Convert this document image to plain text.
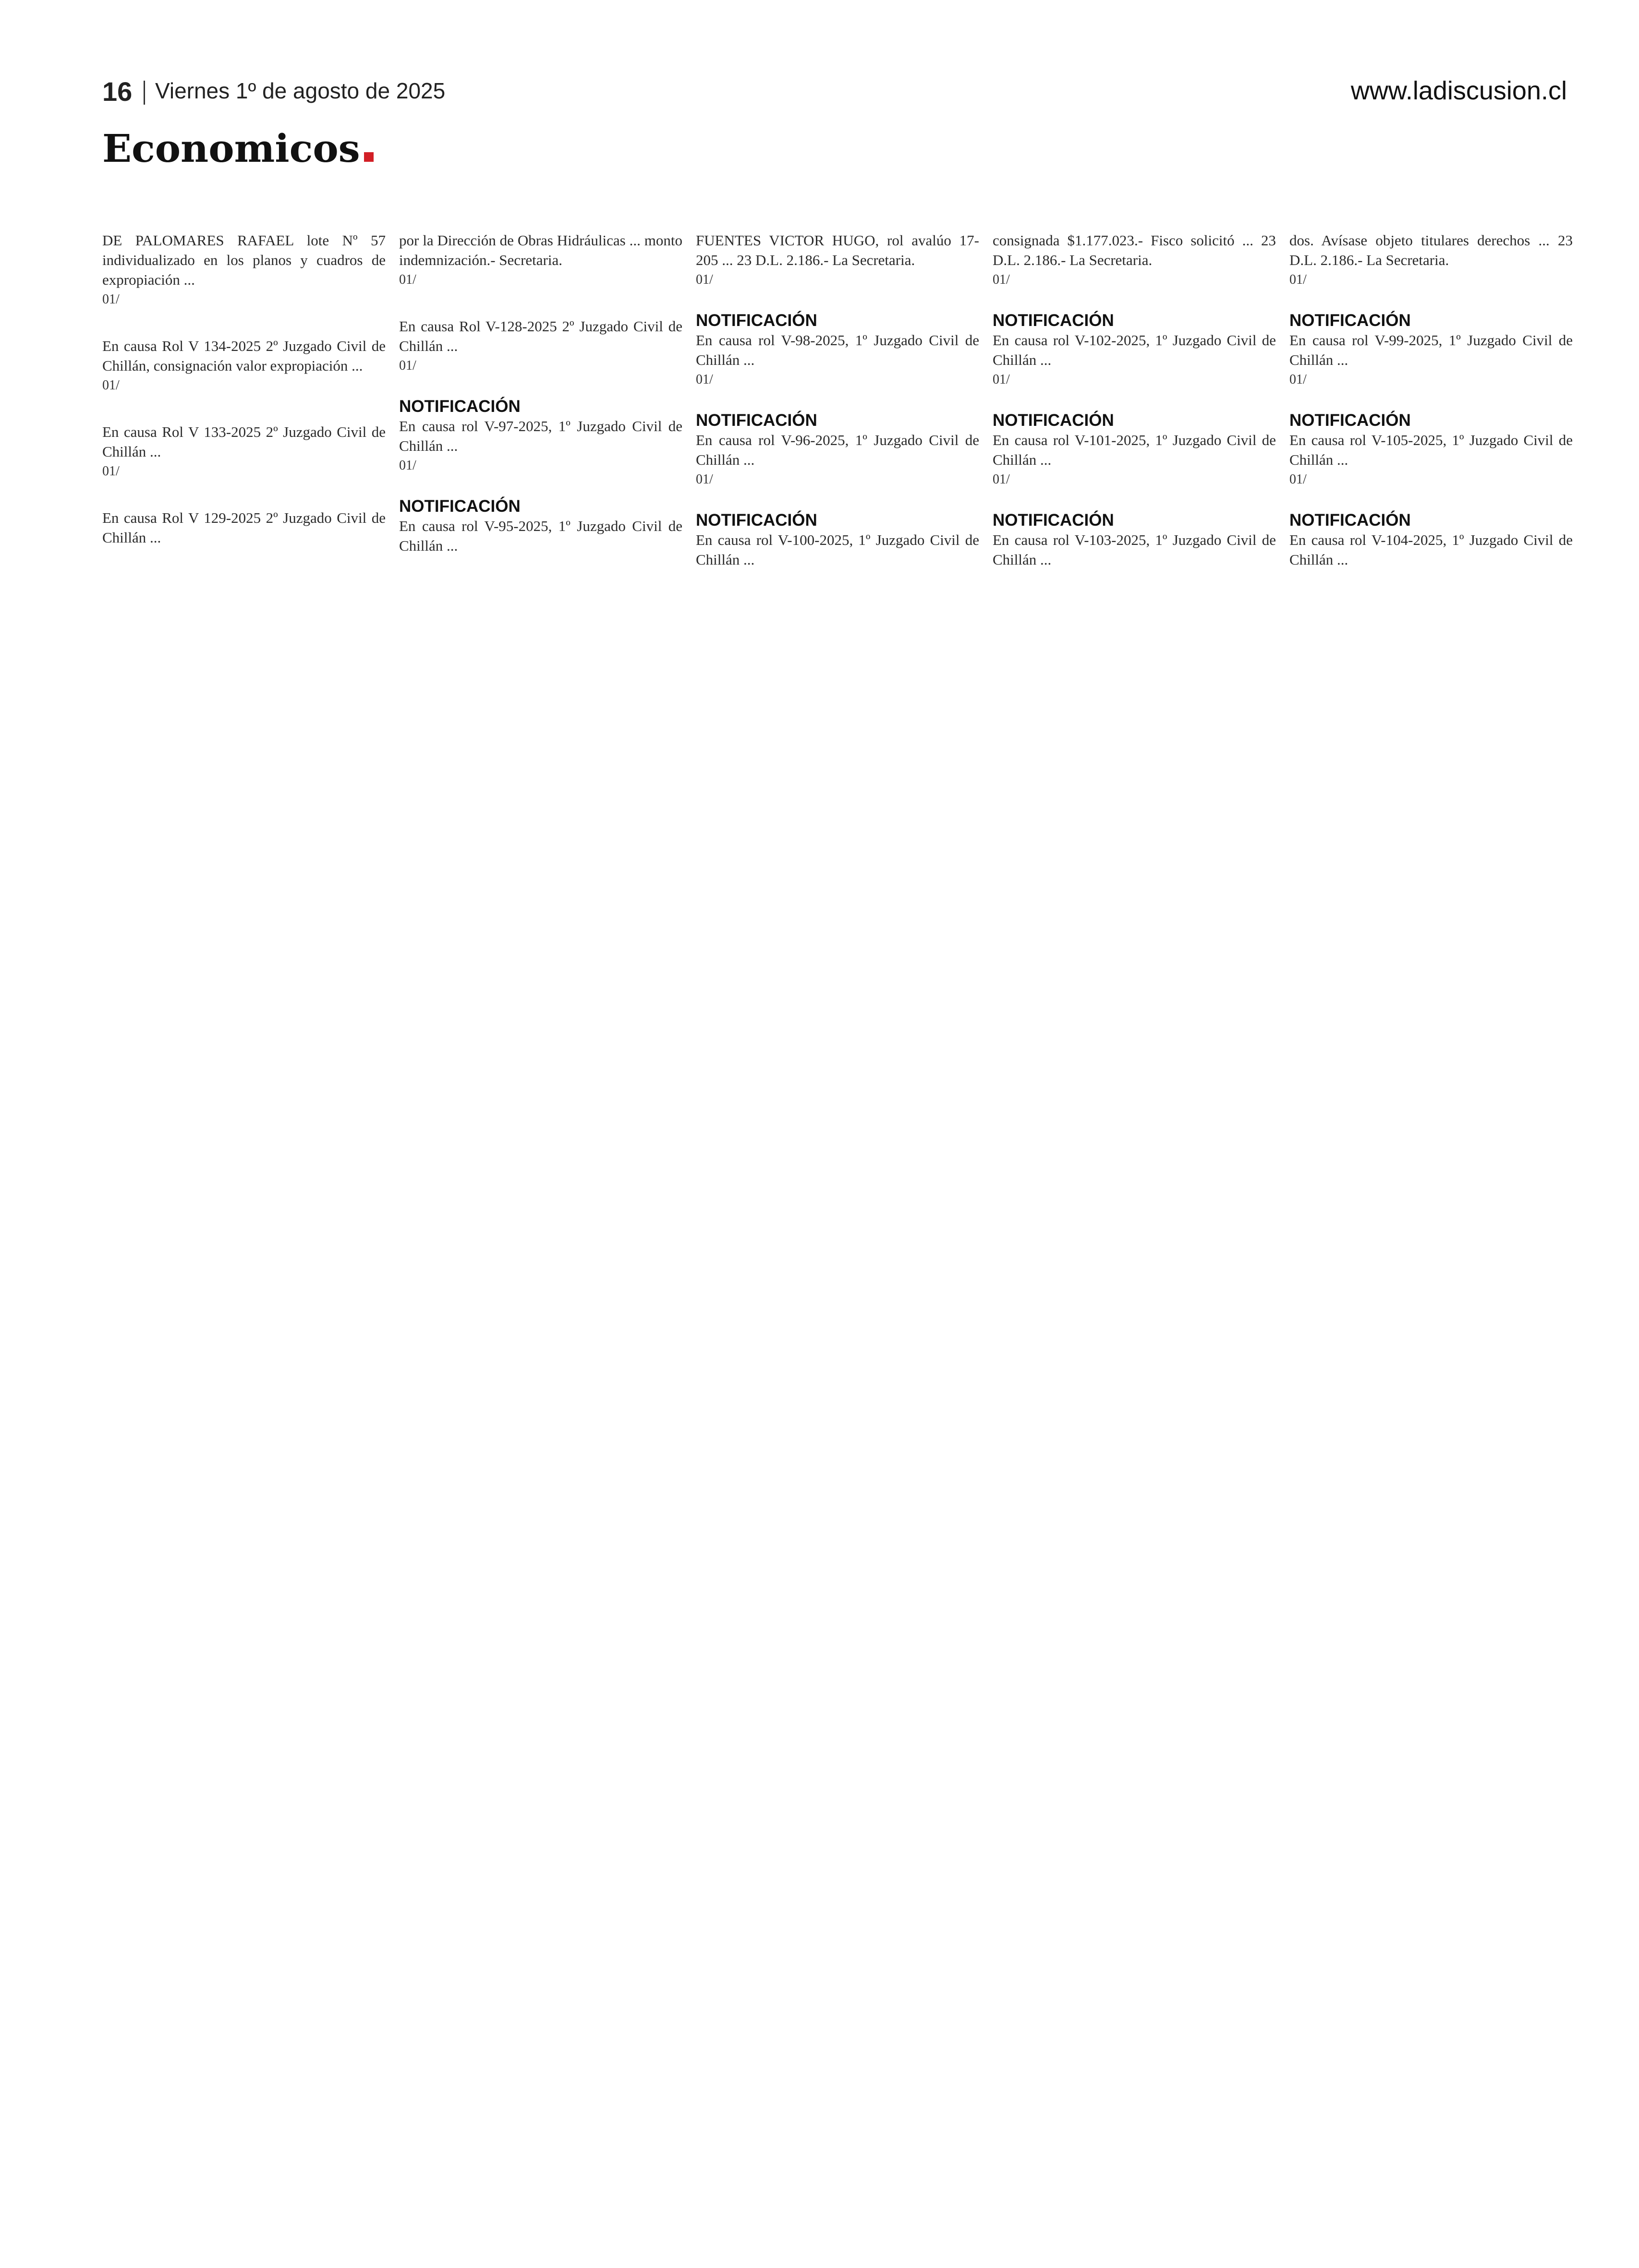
16 Viernes 1º de agosto de 2025	www.ladiscusion.cl
Economicos

DE PALOMARES RAFAEL lote Nº 57 individualizado en los planos y cuadros de expropiación ...

01/

En causa Rol V 134-2025 2º Juzgado Civil de Chillán, consignación valor expropiación ...

01/

En causa Rol V 133-2025 2º Juzgado Civil de Chillán ...

01/

En causa Rol V 129-2025 2º Juzgado Civil de Chillán ...

por la Dirección de Obras Hidráulicas ... monto indemnización.- Secretaria.

01/

En causa Rol V-128-2025 2º Juzgado Civil de Chillán ...

01/

NOTIFICACIÓN

En causa rol V-97-2025, 1º Juzgado Civil de Chillán ...

01/

NOTIFICACIÓN

En causa rol V-95-2025, 1º Juzgado Civil de Chillán ...

FUENTES VICTOR HUGO, rol avalúo 17-205 ... 23 D.L. 2.186.- La Secretaria.

01/

NOTIFICACIÓN

En causa rol V-98-2025, 1º Juzgado Civil de Chillán ...

01/

NOTIFICACIÓN

En causa rol V-96-2025, 1º Juzgado Civil de Chillán ...

01/

NOTIFICACIÓN

En causa rol V-100-2025, 1º Juzgado Civil de Chillán ...

consignada $1.177.023.- Fisco solicitó ... 23 D.L. 2.186.- La Secretaria.

01/

NOTIFICACIÓN

En causa rol V-102-2025, 1º Juzgado Civil de Chillán ...

01/

NOTIFICACIÓN

En causa rol V-101-2025, 1º Juzgado Civil de Chillán ...

01/

NOTIFICACIÓN

En causa rol V-103-2025, 1º Juzgado Civil de Chillán ...

dos. Avísase objeto titulares derechos ... 23 D.L. 2.186.- La Secretaria.

01/

NOTIFICACIÓN

En causa rol V-99-2025, 1º Juzgado Civil de Chillán ...

01/

NOTIFICACIÓN

En causa rol V-105-2025, 1º Juzgado Civil de Chillán ...

01/

NOTIFICACIÓN

En causa rol V-104-2025, 1º Juzgado Civil de Chillán ...
